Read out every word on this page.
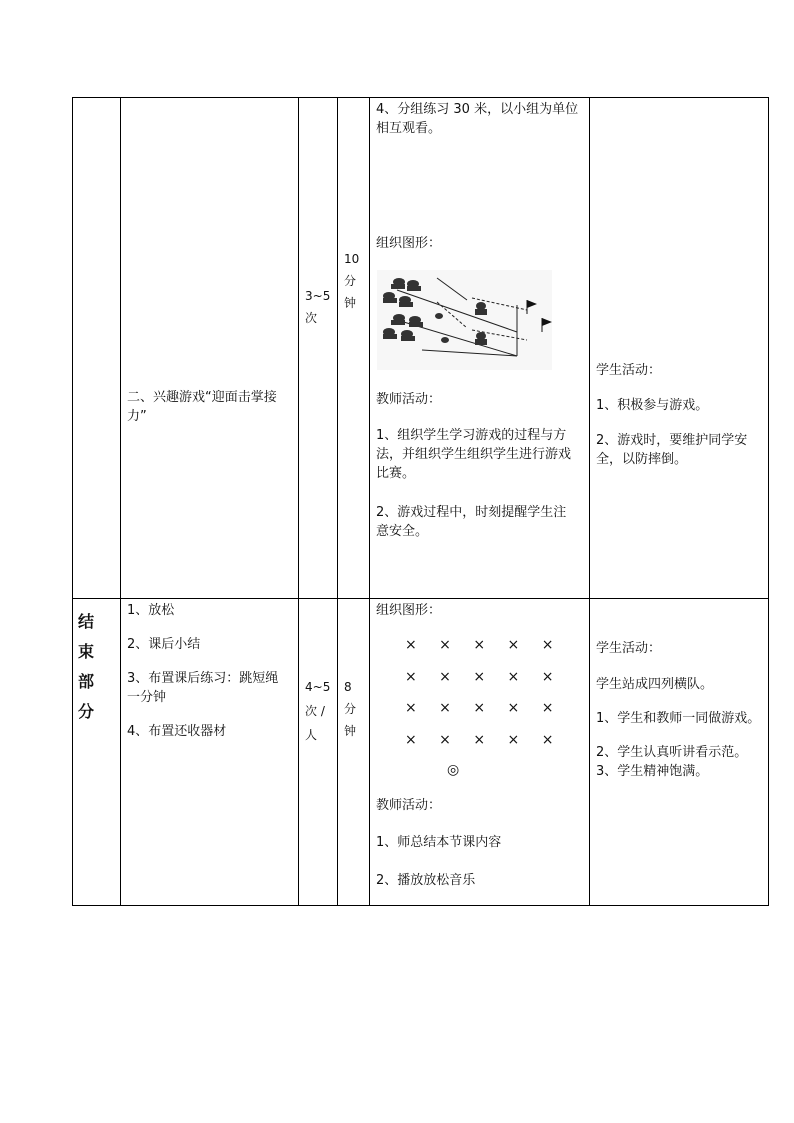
二、兴趣游戏“迎面击掌接

力”

3~5

次

10

分

钟

4、分组练习 30 米，以小组为单位

相互观看。

组织图形：
教师活动：

1、组织学生学习游戏的过程与方

法，并组织学生组织学生进行游戏

比赛。

2、游戏过程中，时刻提醒学生注

意安全。

学生活动：

1、积极参与游戏。

2、游戏时，要维护同学安

全，以防摔倒。

结
束
部
分

1、放松

2、课后小结

3、布置课后练习：跳短绳

一分钟

4、布置还收器材

4~5

次 /

人

8

分

钟

组织图形：
× × × × ×
× × × × ×
× × × × ×
× × × × ×
◎
教师活动：
1、师总结本节课内容
2、播放放松音乐

学生活动：

学生站成四列横队。

1、学生和教师一同做游戏。

2、学生认真听讲看示范。

3、学生精神饱满。
